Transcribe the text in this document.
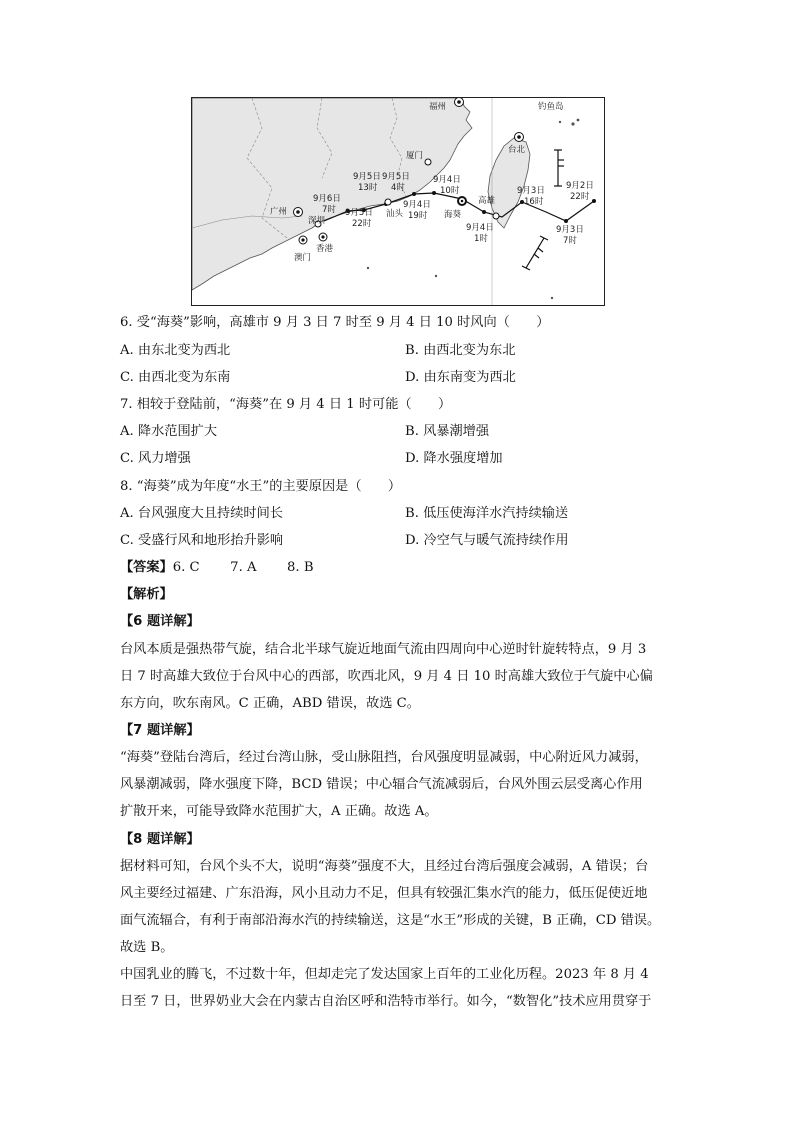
福州	钓鱼岛
台北
厦门
广州
深圳
香港
澳门
汕头	海葵
高雄
9月6日
7时
9月5日
13时
9月5日
4时
9月5日
22时
9月4日
10时
9月4日
19时
9月4日
1时
9月3日
16时
9月3日
7时
9月2日
22时
6. 受“海葵”影响，高雄市 9 月 3 日 7 时至 9 月 4 日 10 时风向（　　）
A. 由东北变为西北	B. 由西北变为东北
C. 由西北变为东南	D. 由东南变为西北
7. 相较于登陆前，“海葵”在 9 月 4 日 1 时可能（　　）
A. 降水范围扩大	B. 风暴潮增强
C. 风力增强	D. 降水强度增加
8. “海葵”成为年度“水王”的主要原因是（　　）
A. 台风强度大且持续时间长	B. 低压使海洋水汽持续输送
C. 受盛行风和地形抬升影响	D. 冷空气与暖气流持续作用
【答案】6. C　　 7. A　　 8. B
【解析】
【6 题详解】
台风本质是强热带气旋，结合北半球气旋近地面气流由四周向中心逆时针旋转特点，9 月 3
日 7 时高雄大致位于台风中心的西部，吹西北风，9 月 4 日 10 时高雄大致位于气旋中心偏
东方向，吹东南风。C 正确，ABD 错误，故选 C。
【7 题详解】
“海葵”登陆台湾后，经过台湾山脉，受山脉阻挡，台风强度明显减弱，中心附近风力减弱，
风暴潮减弱，降水强度下降，BCD 错误；中心辐合气流减弱后，台风外围云层受离心作用
扩散开来，可能导致降水范围扩大，A 正确。故选 A。
【8 题详解】
据材料可知，台风个头不大，说明“海葵”强度不大，且经过台湾后强度会减弱，A 错误；台
风主要经过福建、广东沿海，风小且动力不足，但具有较强汇集水汽的能力，低压促使近地
面气流辐合，有利于南部沿海水汽的持续输送，这是“水王”形成的关键，B 正确，CD 错误。
故选 B。
中国乳业的腾飞，不过数十年，但却走完了发达国家上百年的工业化历程。2023 年 8 月 4
日至 7 日，世界奶业大会在内蒙古自治区呼和浩特市举行。如今，“数智化”技术应用贯穿于
